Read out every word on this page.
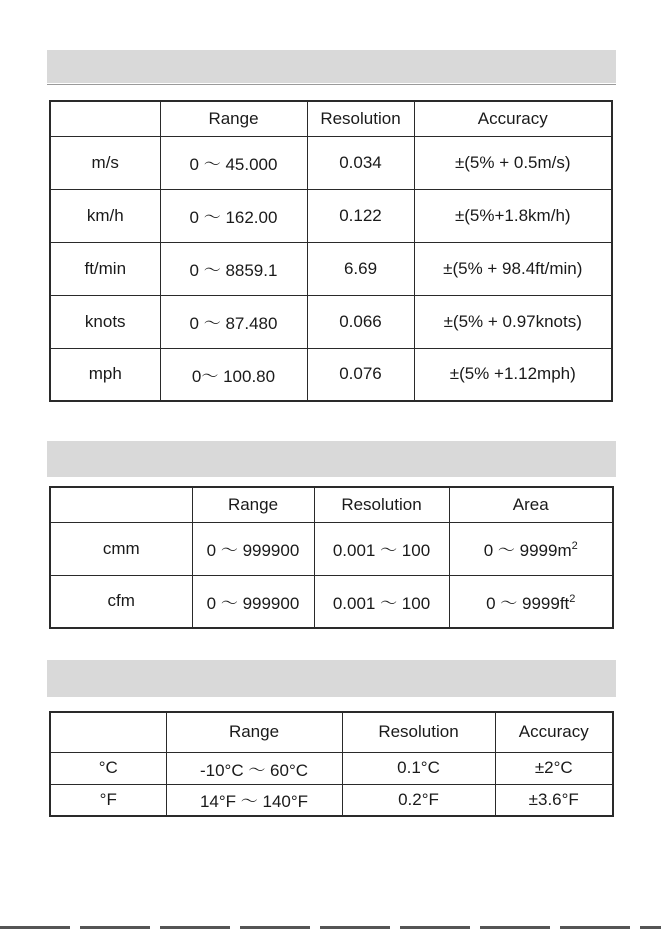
	Range	Resolution	Accuracy
m/s	0 ～ 45.000	0.034	±(5% + 0.5m/s)
km/h	0 ～ 162.00	0.122	±(5%+1.8km/h)
ft/min	0 ～ 8859.1	6.69	±(5% + 98.4ft/min)
knots	0 ～ 87.480	0.066	±(5% + 0.97knots)
mph	0～ 100.80	0.076	±(5% +1.12mph)
	Range	Resolution	Area
cmm	0 ～ 999900	0.001 ～ 100	0 ～ $9999m^2$
cfm	0 ～ 999900	0.001 ～ 100	0 ～ $9999ft^2$
	Range	Resolution	Accuracy
°C	-10°C ～ 60°C	0.1°C	±2°C
°F	14°F ～ 140°F	0.2°F	±3.6°F
